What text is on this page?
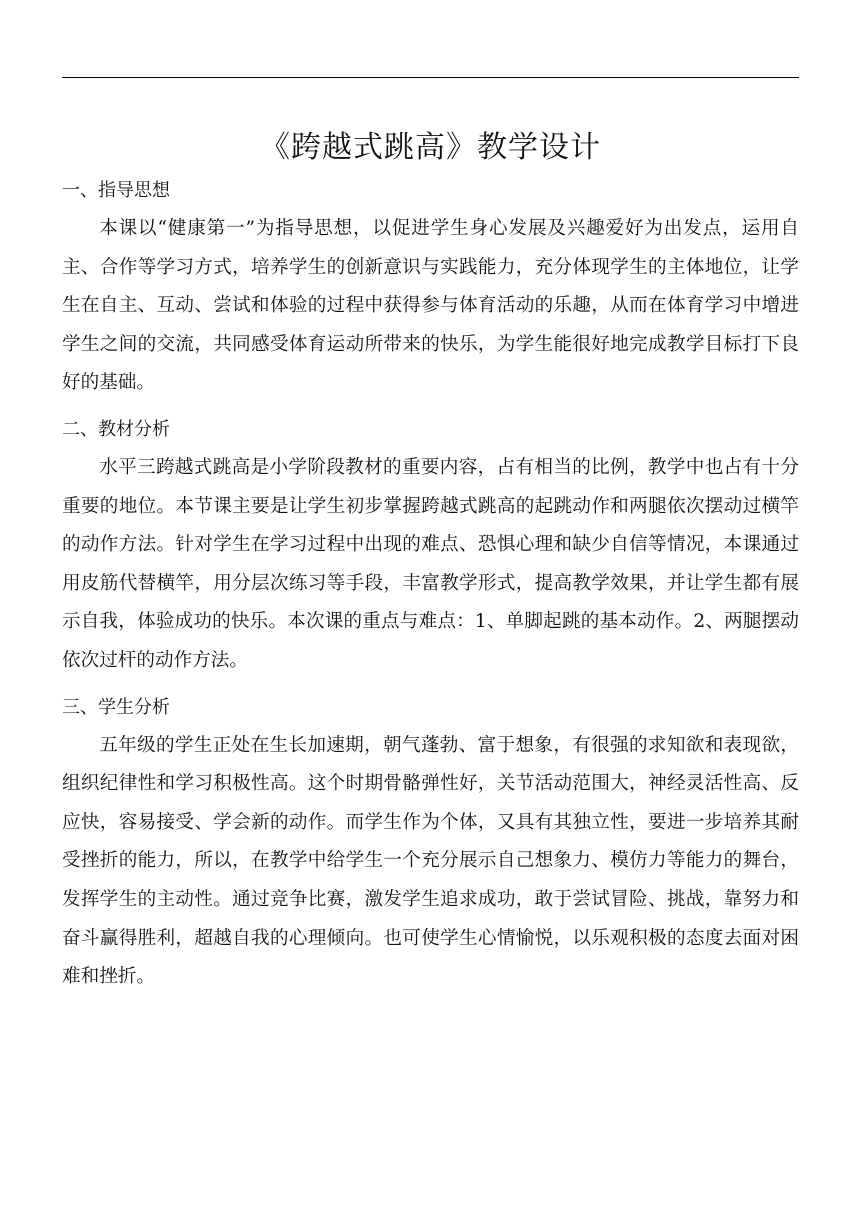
《跨越式跳高》教学设计
一、指导思想

本课以“健康第一”为指导思想，以促进学生身心发展及兴趣爱好为出发点，运用自主、合作等学习方式，培养学生的创新意识与实践能力，充分体现学生的主体地位，让学生在自主、互动、尝试和体验的过程中获得参与体育活动的乐趣，从而在体育学习中增进学生之间的交流，共同感受体育运动所带来的快乐，为学生能很好地完成教学目标打下良好的基础。

二、教材分析

水平三跨越式跳高是小学阶段教材的重要内容，占有相当的比例，教学中也占有十分重要的地位。本节课主要是让学生初步掌握跨越式跳高的起跳动作和两腿依次摆动过横竿的动作方法。针对学生在学习过程中出现的难点、恐惧心理和缺少自信等情况，本课通过用皮筋代替横竿，用分层次练习等手段，丰富教学形式，提高教学效果，并让学生都有展示自我，体验成功的快乐。本次课的重点与难点：1、单脚起跳的基本动作。2、两腿摆动依次过杆的动作方法。

三、学生分析

五年级的学生正处在生长加速期，朝气蓬勃、富于想象，有很强的求知欲和表现欲，组织纪律性和学习积极性高。这个时期骨骼弹性好，关节活动范围大，神经灵活性高、反应快，容易接受、学会新的动作。而学生作为个体，又具有其独立性，要进一步培养其耐受挫折的能力，所以，在教学中给学生一个充分展示自己想象力、模仿力等能力的舞台，发挥学生的主动性。通过竞争比赛，激发学生追求成功，敢于尝试冒险、挑战，靠努力和奋斗赢得胜利，超越自我的心理倾向。也可使学生心情愉悦，以乐观积极的态度去面对困难和挫折。
